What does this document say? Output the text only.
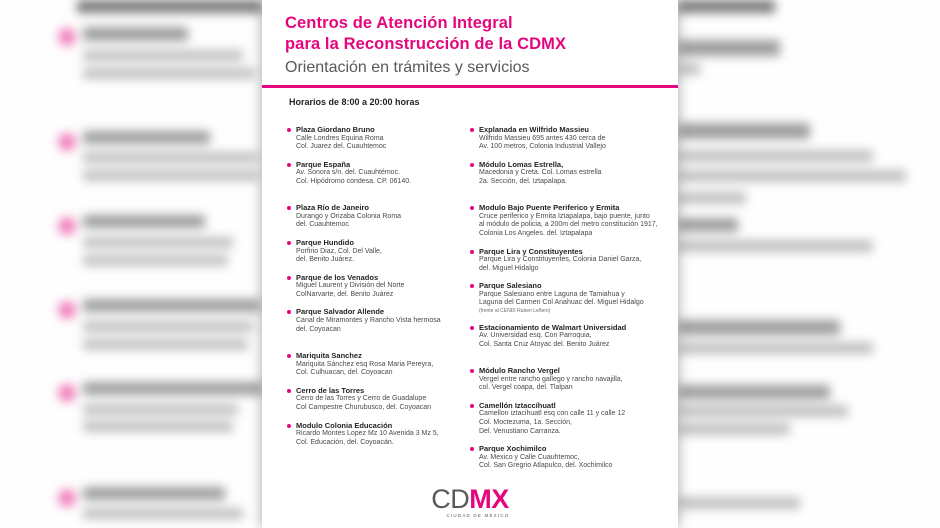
Centros de Atención Integral
para la Reconstrucción de la CDMX
Orientación en trámites y servicios
Horarios de 8:00 a 20:00 horas
Plaza Giordano Bruno
Calle Londres Equina Roma
Col. Juarez del. Cuauhtemoc
Parque España
Av. Sonora s/n. del. Cuauhtémoc.
Col. Hipódromo condesa. CP. 06140.
Plaza Río de Janeiro
Durango y Orizaba Colonia Roma
del. Cuauhtemoc
Parque Hundido
Porfirio Diaz, Col. Del Valle,
del. Benito Juárez.
Parque de los Venados
Miguel Laurent y División del Norte
ColNarvarte, del. Benito Juárez
Parque Salvador Allende
Canal de Miramontes y Rancho Vista hermosa
del. Coyoacan
Mariquita Sanchez
Mariquita Sánchez esq Rosa Maria Pereyra,
Col. Culhuacan, del. Coyoacan
Cerro de las Torres
Cerro de las Torres y Cerro de Guadalupe
Col Campestre Churubusco, del. Coyoacan
Modulo Colonia Educación
Ricardo Montes Lopez Mz 10 Avenida 3 Mz 5,
Col. Educación, del. Coyoacán.
Explanada en Wilfrido Massieu
Wilfrido Massieu 695 antes 430 cerca de
Av. 100 metros, Colonia Industrial Vallejo
Módulo Lomas Estrella,
Macedonia y Creta. Col. Lomas estrella
2a. Sección, del. Iztapalapa.
Modulo Bajo Puente Periferico y Ermita
Cruce periferico y Ermita Iztapalapa, bajo puente, junto
al módulo de policia, a 200m del metro constitución 1917,
Colonia Los Angeles. del. Iztapalapa
Parque Lira y Constituyentes
Parque Lira y Constituyentes, Colonia Daniel Garza,
del. Miguel Hidalgo
Parque Salesiano
Parque Salesiano entre Laguna de Tamiahua y
Laguna del Carmen Col Anahuac del. Miguel Hidalgo
(frente al CENDI Ruben Leñero)
Estacionamiento de Walmart Universidad
Av. Universidad esq. Con Parroquia,
Col. Santa Cruz Atoyac del. Benito Juárez
Módulo Rancho Vergel
Vergel entre rancho gallego y rancho navajilla,
col. Vergel coapa, del. Tlalpan
Camellón Iztaccíhuatl
Camellon iztacihuatl esq con calle 11 y calle 12
Col. Moctezuma, 1a. Sección,
Del. Venustiano Carranza.
Parque Xochimilco
Av. Mexico y Calle Cuauhtemoc,
Col. San Gregrio Atlapulco, del. Xochimilco
CDMX
CIUDAD DE MÉXICO
